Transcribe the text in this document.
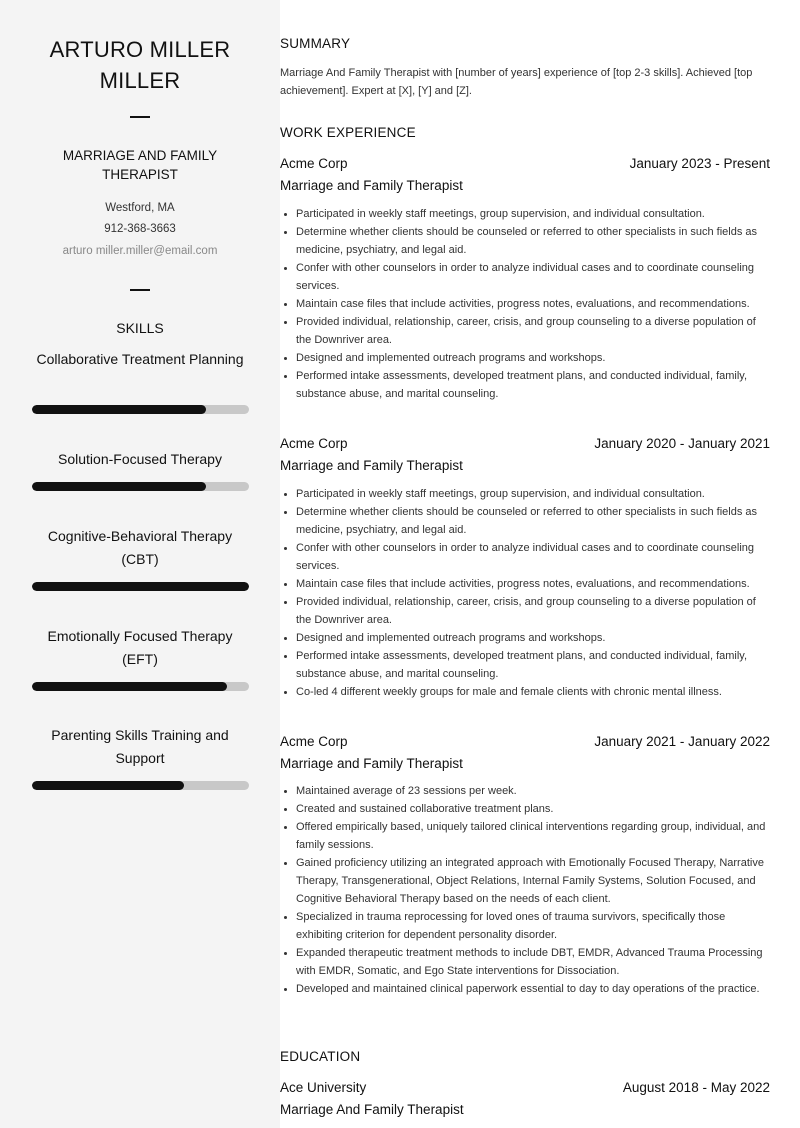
ARTURO MILLER MILLER
MARRIAGE AND FAMILY THERAPIST
Westford, MA
912-368-3663
arturo miller.miller@email.com
SKILLS
Collaborative Treatment Planning
Solution-Focused Therapy
Cognitive-Behavioral Therapy (CBT)
Emotionally Focused Therapy (EFT)
Parenting Skills Training and Support
SUMMARY
Marriage And Family Therapist with [number of years] experience of [top 2-3 skills]. Achieved [top achievement]. Expert at [X], [Y] and [Z].
WORK EXPERIENCE
Acme Corp	January 2023 - Present
Marriage and Family Therapist
• Participated in weekly staff meetings, group supervision, and individual consultation.
• Determine whether clients should be counseled or referred to other specialists in such fields as medicine, psychiatry, and legal aid.
• Confer with other counselors in order to analyze individual cases and to coordinate counseling services.
• Maintain case files that include activities, progress notes, evaluations, and recommendations.
• Provided individual, relationship, career, crisis, and group counseling to a diverse population of the Downriver area.
• Designed and implemented outreach programs and workshops.
• Performed intake assessments, developed treatment plans, and conducted individual, family, substance abuse, and marital counseling.
Acme Corp	January 2020 - January 2021
Marriage and Family Therapist
• Participated in weekly staff meetings, group supervision, and individual consultation.
• Determine whether clients should be counseled or referred to other specialists in such fields as medicine, psychiatry, and legal aid.
• Confer with other counselors in order to analyze individual cases and to coordinate counseling services.
• Maintain case files that include activities, progress notes, evaluations, and recommendations.
• Provided individual, relationship, career, crisis, and group counseling to a diverse population of the Downriver area.
• Designed and implemented outreach programs and workshops.
• Performed intake assessments, developed treatment plans, and conducted individual, family, substance abuse, and marital counseling.
• Co-led 4 different weekly groups for male and female clients with chronic mental illness.
Acme Corp	January 2021 - January 2022
Marriage and Family Therapist
• Maintained average of 23 sessions per week.
• Created and sustained collaborative treatment plans.
• Offered empirically based, uniquely tailored clinical interventions regarding group, individual, and family sessions.
• Gained proficiency utilizing an integrated approach with Emotionally Focused Therapy, Narrative Therapy, Transgenerational, Object Relations, Internal Family Systems, Solution Focused, and Cognitive Behavioral Therapy based on the needs of each client.
• Specialized in trauma reprocessing for loved ones of trauma survivors, specifically those exhibiting criterion for dependent personality disorder.
• Expanded therapeutic treatment methods to include DBT, EMDR, Advanced Trauma Processing with EMDR, Somatic, and Ego State interventions for Dissociation.
• Developed and maintained clinical paperwork essential to day to day operations of the practice.
EDUCATION
Ace University	August 2018 - May 2022
Marriage And Family Therapist
